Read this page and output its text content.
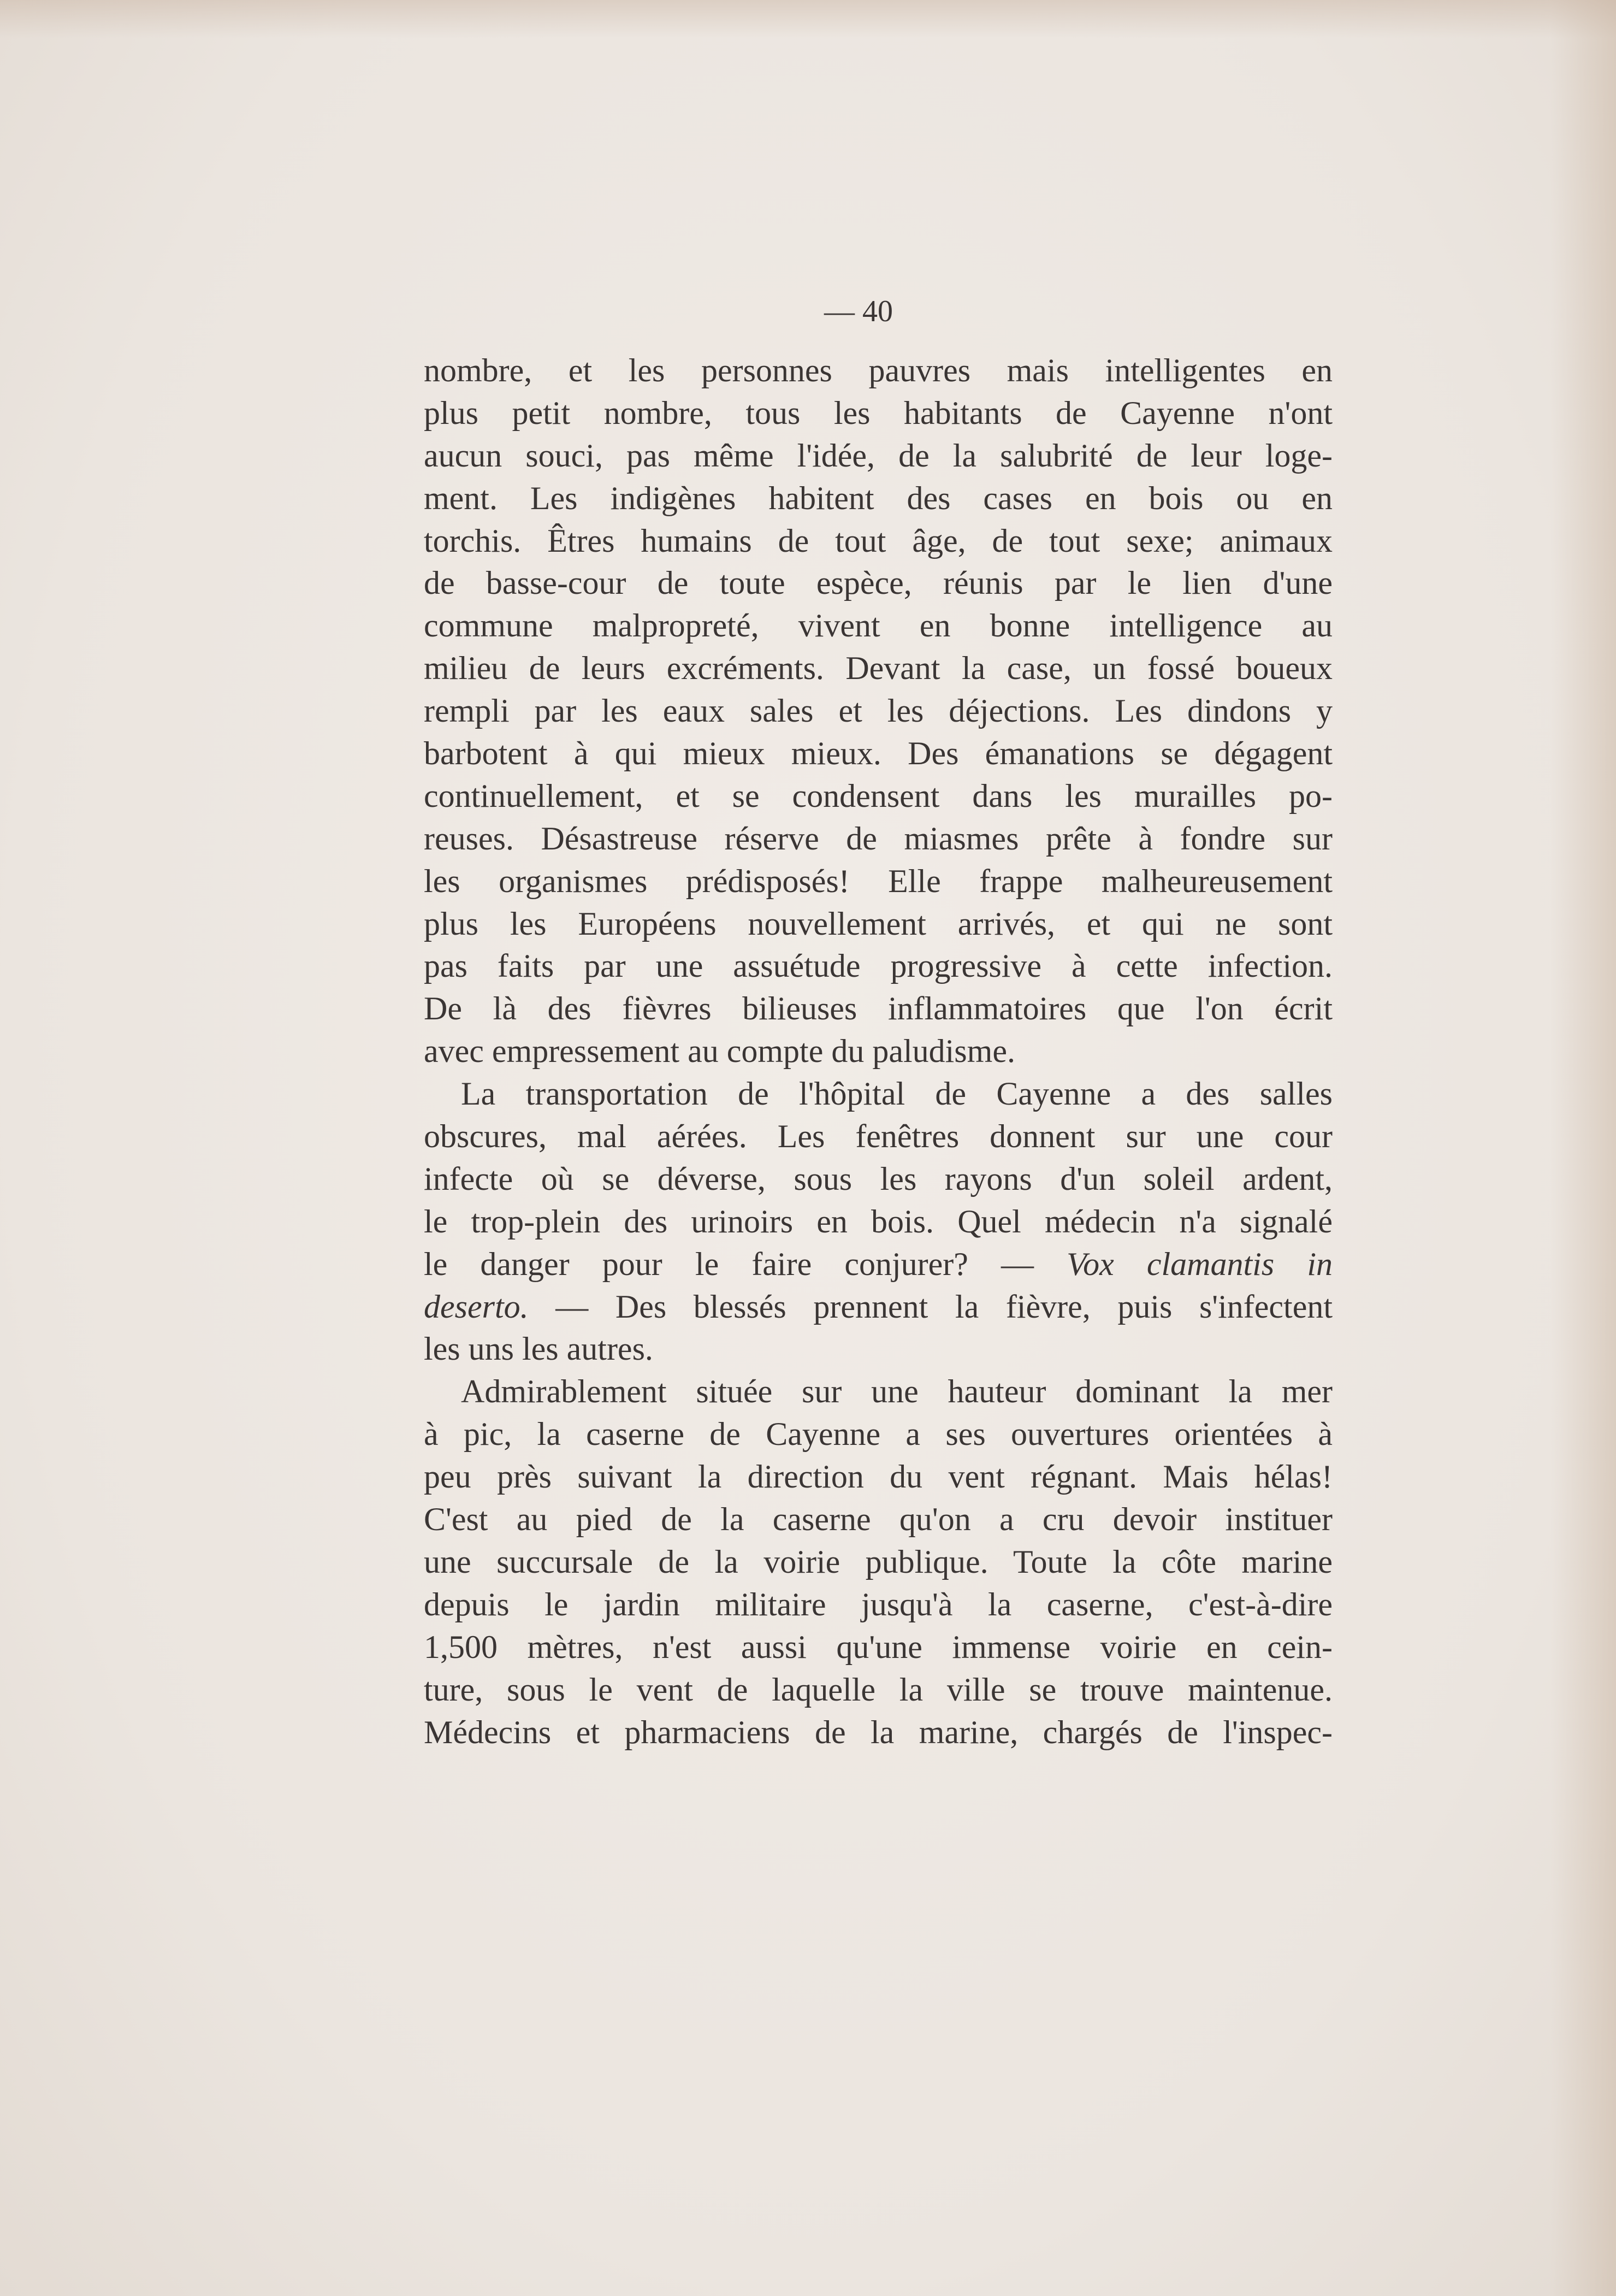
— 40
nombre, et les personnes pauvres mais intelligentes en
plus petit nombre, tous les habitants de Cayenne n'ont
aucun souci, pas même l'idée, de la salubrité de leur loge-
ment. Les indigènes habitent des cases en bois ou en
torchis. Êtres humains de tout âge, de tout sexe; animaux
de basse-cour de toute espèce, réunis par le lien d'une
commune malpropreté, vivent en bonne intelligence au
milieu de leurs excréments. Devant la case, un fossé boueux
rempli par les eaux sales et les déjections. Les dindons y
barbotent à qui mieux mieux. Des émanations se dégagent
continuellement, et se condensent dans les murailles po-
reuses. Désastreuse réserve de miasmes prête à fondre sur
les organismes prédisposés! Elle frappe malheureusement
plus les Européens nouvellement arrivés, et qui ne sont
pas faits par une assuétude progressive à cette infection.
De là des fièvres bilieuses inflammatoires que l'on écrit
avec empressement au compte du paludisme.
La transportation de l'hôpital de Cayenne a des salles
obscures, mal aérées. Les fenêtres donnent sur une cour
infecte où se déverse, sous les rayons d'un soleil ardent,
le trop-plein des urinoirs en bois. Quel médecin n'a signalé
le danger pour le faire conjurer? — Vox clamantis in
deserto. — Des blessés prennent la fièvre, puis s'infectent
les uns les autres.
Admirablement située sur une hauteur dominant la mer
à pic, la caserne de Cayenne a ses ouvertures orientées à
peu près suivant la direction du vent régnant. Mais hélas!
C'est au pied de la caserne qu'on a cru devoir instituer
une succursale de la voirie publique. Toute la côte marine
depuis le jardin militaire jusqu'à la caserne, c'est-à-dire
1,500 mètres, n'est aussi qu'une immense voirie en cein-
ture, sous le vent de laquelle la ville se trouve maintenue.
Médecins et pharmaciens de la marine, chargés de l'inspec-
